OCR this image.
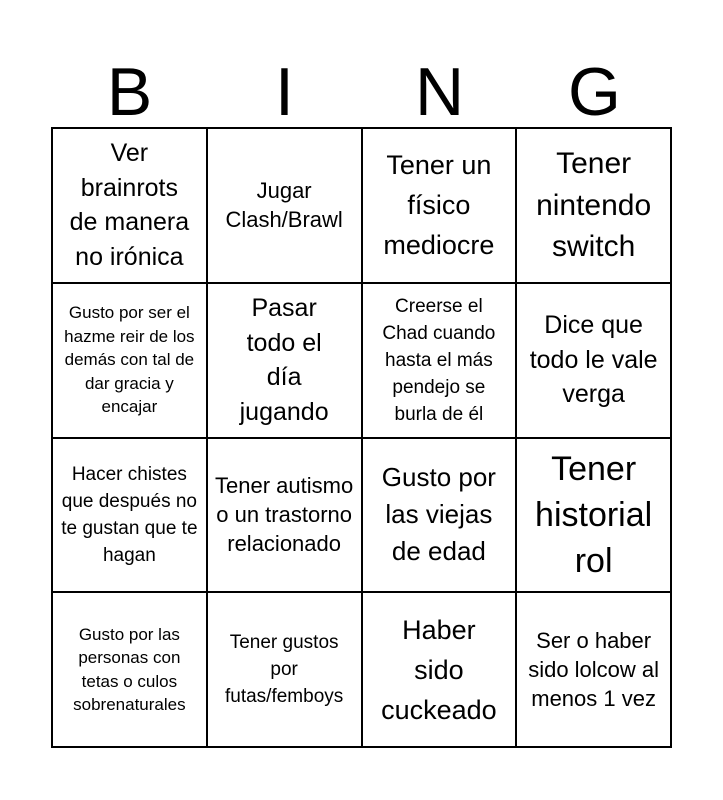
B	I	N	G
Ver brainrots de manera no irónica
Jugar Clash/Brawl
Tener un físico mediocre
Tener nintendo switch
Gusto por ser el hazme reir de los demás con tal de dar gracia y encajar
Pasar todo el día jugando
Creerse el Chad cuando hasta el más pendejo se burla de él
Dice que todo le vale verga
Hacer chistes que después no te gustan que te hagan
Tener autismo o un trastorno relacionado
Gusto por las viejas de edad
Tener historial rol
Gusto por las personas con tetas o culos sobrenaturales
Tener gustos por futas/femboys
Haber sido cuckeado
Ser o haber sido lolcow al menos 1 vez
